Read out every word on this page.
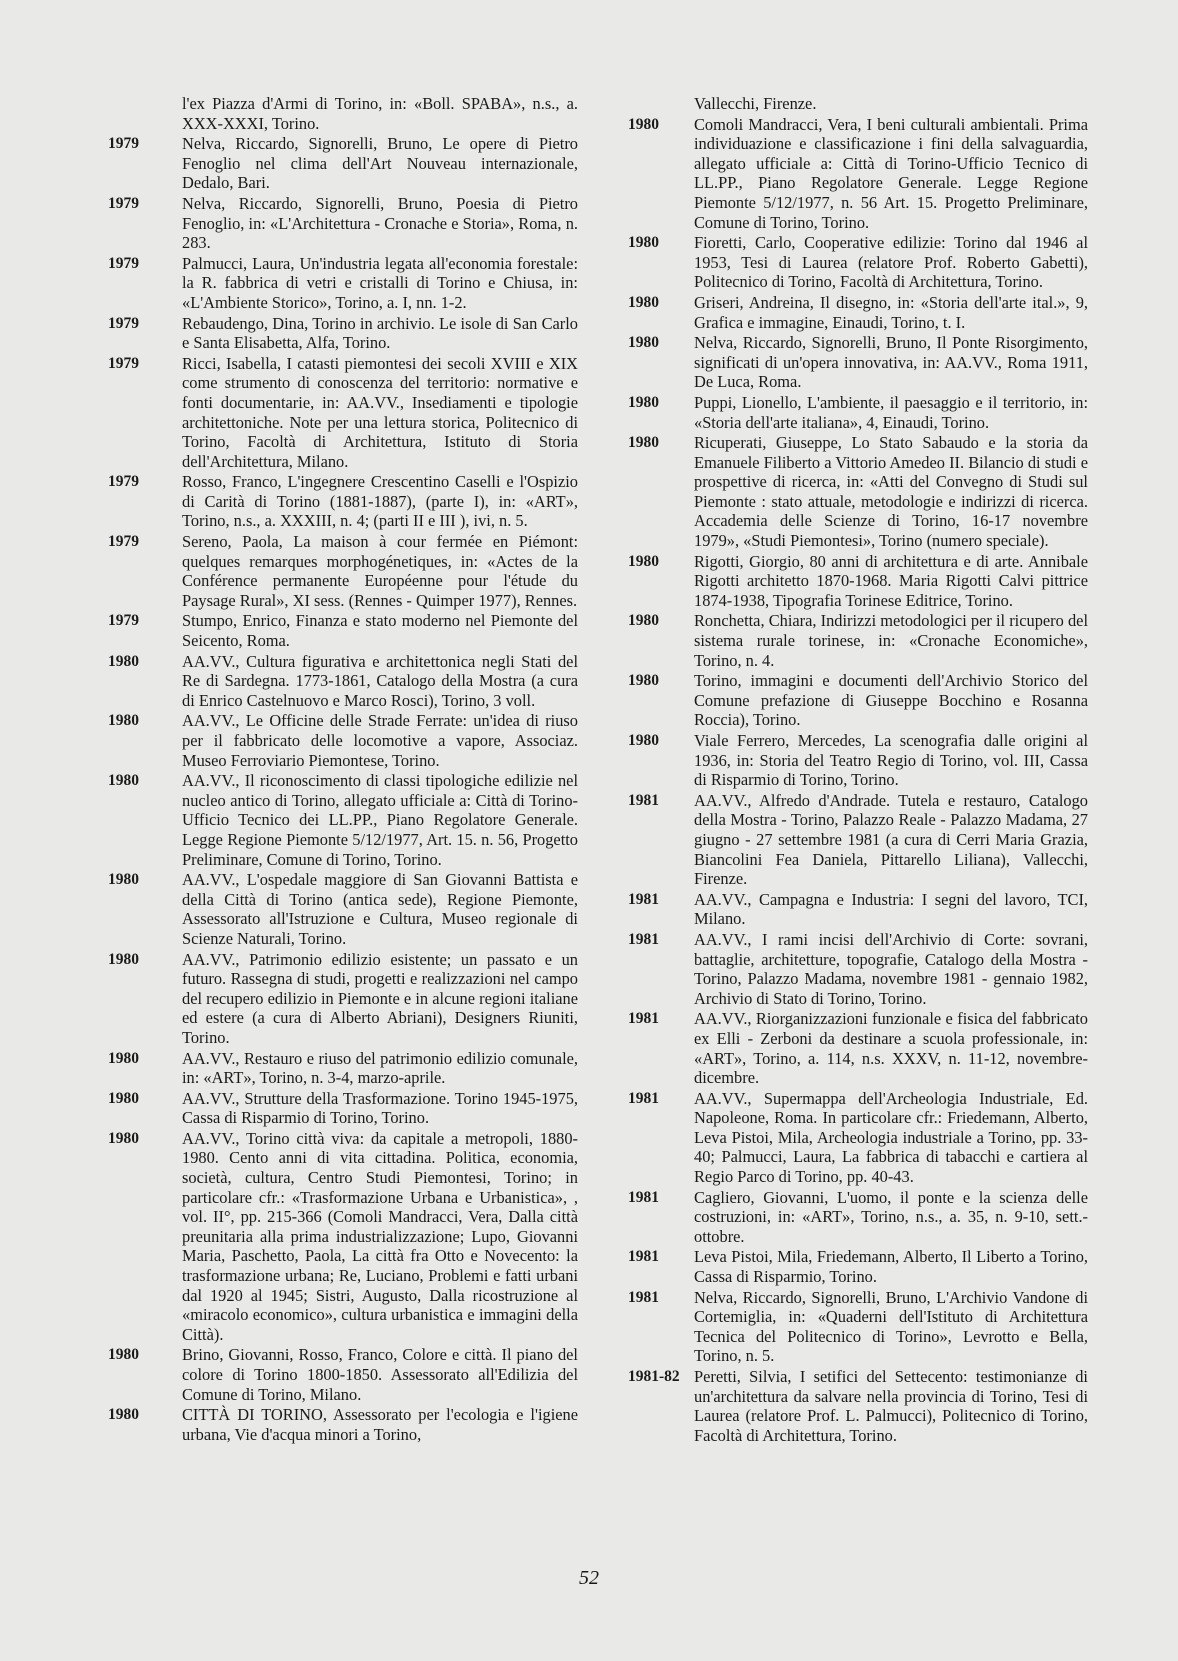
l'ex Piazza d'Armi di Torino, in: «Boll. SPABA», n.s., a. XXX-XXXI, Torino.
1979	Nelva, Riccardo, Signorelli, Bruno, Le opere di Pietro Fenoglio nel clima dell'Art Nouveau internazionale, Dedalo, Bari.
1979	Nelva, Riccardo, Signorelli, Bruno, Poesia di Pietro Fenoglio, in: «L'Architettura - Cronache e Storia», Roma, n. 283.
1979	Palmucci, Laura, Un'industria legata all'economia forestale: la R. fabbrica di vetri e cristalli di Torino e Chiusa, in: «L'Ambiente Storico», Torino, a. I, nn. 1-2.
1979	Rebaudengo, Dina, Torino in archivio. Le isole di San Carlo e Santa Elisabetta, Alfa, Torino.
1979	Ricci, Isabella, I catasti piemontesi dei secoli XVIII e XIX come strumento di conoscenza del territorio: normative e fonti documentarie, in: AA.VV., Insediamenti e tipologie architettoniche. Note per una lettura storica, Politecnico di Torino, Facoltà di Architettura, Istituto di Storia dell'Architettura, Milano.
1979	Rosso, Franco, L'ingegnere Crescentino Caselli e l'Ospizio di Carità di Torino (1881-1887), (parte I), in: «ART», Torino, n.s., a. XXXIII, n. 4; (parti II e III ), ivi, n. 5.
1979	Sereno, Paola, La maison à cour fermée en Piémont: quelques remarques morphogénetiques, in: «Actes de la Conférence permanente Européenne pour l'étude du Paysage Rural», XI sess. (Rennes - Quimper 1977), Rennes.
1979	Stumpo, Enrico, Finanza e stato moderno nel Piemonte del Seicento, Roma.
1980	AA.VV., Cultura figurativa e architettonica negli Stati del Re di Sardegna. 1773-1861, Catalogo della Mostra (a cura di Enrico Castelnuovo e Marco Rosci), Torino, 3 voll.
1980	AA.VV., Le Officine delle Strade Ferrate: un'idea di riuso per il fabbricato delle locomotive a vapore, Associaz. Museo Ferroviario Piemontese, Torino.
1980	AA.VV., Il riconoscimento di classi tipologiche edilizie nel nucleo antico di Torino, allegato ufficiale a: Città di Torino-Ufficio Tecnico dei LL.PP., Piano Regolatore Generale. Legge Regione Piemonte 5/12/1977, Art. 15. n. 56, Progetto Preliminare, Comune di Torino, Torino.
1980	AA.VV., L'ospedale maggiore di San Giovanni Battista e della Città di Torino (antica sede), Regione Piemonte, Assessorato all'Istruzione e Cultura, Museo regionale di Scienze Naturali, Torino.
1980	AA.VV., Patrimonio edilizio esistente; un passato e un futuro. Rassegna di studi, progetti e realizzazioni nel campo del recupero edilizio in Piemonte e in alcune regioni italiane ed estere (a cura di Alberto Abriani), Designers Riuniti, Torino.
1980	AA.VV., Restauro e riuso del patrimonio edilizio comunale, in: «ART», Torino, n. 3-4, marzo-aprile.
1980	AA.VV., Strutture della Trasformazione. Torino 1945-1975, Cassa di Risparmio di Torino, Torino.
1980	AA.VV., Torino città viva: da capitale a metropoli, 1880-1980. Cento anni di vita cittadina. Politica, economia, società, cultura, Centro Studi Piemontesi, Torino; in particolare cfr.: «Trasformazione Urbana e Urbanistica», , vol. II°, pp. 215-366 (Comoli Mandracci, Vera, Dalla città preunitaria alla prima industrializzazione; Lupo, Giovanni Maria, Paschetto, Paola, La città fra Otto e Novecento: la trasformazione urbana; Re, Luciano, Problemi e fatti urbani dal 1920 al 1945; Sistri, Augusto, Dalla ricostruzione al «miracolo economico», cultura urbanistica e immagini della Città).
1980	Brino, Giovanni, Rosso, Franco, Colore e città. Il piano del colore di Torino 1800-1850. Assessorato all'Edilizia del Comune di Torino, Milano.
1980	CITTÀ DI TORINO, Assessorato per l'ecologia e l'igiene urbana, Vie d'acqua minori a Torino,
Vallecchi, Firenze.
1980	Comoli Mandracci, Vera, I beni culturali ambientali. Prima individuazione e classificazione i fini della salvaguardia, allegato ufficiale a: Città di Torino-Ufficio Tecnico di LL.PP., Piano Regolatore Generale. Legge Regione Piemonte 5/12/1977, n. 56 Art. 15. Progetto Preliminare, Comune di Torino, Torino.
1980	Fioretti, Carlo, Cooperative edilizie: Torino dal 1946 al 1953, Tesi di Laurea (relatore Prof. Roberto Gabetti), Politecnico di Torino, Facoltà di Architettura, Torino.
1980	Griseri, Andreina, Il disegno, in: «Storia dell'arte ital.», 9, Grafica e immagine, Einaudi, Torino, t. I.
1980	Nelva, Riccardo, Signorelli, Bruno, Il Ponte Risorgimento, significati di un'opera innovativa, in: AA.VV., Roma 1911, De Luca, Roma.
1980	Puppi, Lionello, L'ambiente, il paesaggio e il territorio, in: «Storia dell'arte italiana», 4, Einaudi, Torino.
1980	Ricuperati, Giuseppe, Lo Stato Sabaudo e la storia da Emanuele Filiberto a Vittorio Amedeo II. Bilancio di studi e prospettive di ricerca, in: «Atti del Convegno di Studi sul Piemonte : stato attuale, metodologie e indirizzi di ricerca. Accademia delle Scienze di Torino, 16-17 novembre 1979», «Studi Piemontesi», Torino (numero speciale).
1980	Rigotti, Giorgio, 80 anni di architettura e di arte. Annibale Rigotti architetto 1870-1968. Maria Rigotti Calvi pittrice 1874-1938, Tipografia Torinese Editrice, Torino.
1980	Ronchetta, Chiara, Indirizzi metodologici per il ricupero del sistema rurale torinese, in: «Cronache Economiche», Torino, n. 4.
1980	Torino, immagini e documenti dell'Archivio Storico del Comune prefazione di Giuseppe Bocchino e Rosanna Roccia), Torino.
1980	Viale Ferrero, Mercedes, La scenografia dalle origini al 1936, in: Storia del Teatro Regio di Torino, vol. III, Cassa di Risparmio di Torino, Torino.
1981	AA.VV., Alfredo d'Andrade. Tutela e restauro, Catalogo della Mostra - Torino, Palazzo Reale - Palazzo Madama, 27 giugno - 27 settembre 1981 (a cura di Cerri Maria Grazia, Biancolini Fea Daniela, Pittarello Liliana), Vallecchi, Firenze.
1981	AA.VV., Campagna e Industria: I segni del lavoro, TCI, Milano.
1981	AA.VV., I rami incisi dell'Archivio di Corte: sovrani, battaglie, architetture, topografie, Catalogo della Mostra - Torino, Palazzo Madama, novembre 1981 - gennaio 1982, Archivio di Stato di Torino, Torino.
1981	AA.VV., Riorganizzazioni funzionale e fisica del fabbricato ex Elli - Zerboni da destinare a scuola professionale, in: «ART», Torino, a. 114, n.s. XXXV, n. 11-12, novembre-dicembre.
1981	AA.VV., Supermappa dell'Archeologia Industriale, Ed. Napoleone, Roma. In particolare cfr.: Friedemann, Alberto, Leva Pistoi, Mila, Archeologia industriale a Torino, pp. 33-40; Palmucci, Laura, La fabbrica di tabacchi e cartiera al Regio Parco di Torino, pp. 40-43.
1981	Cagliero, Giovanni, L'uomo, il ponte e la scienza delle costruzioni, in: «ART», Torino, n.s., a. 35, n. 9-10, sett.-ottobre.
1981	Leva Pistoi, Mila, Friedemann, Alberto, Il Liberto a Torino, Cassa di Risparmio, Torino.
1981	Nelva, Riccardo, Signorelli, Bruno, L'Archivio Vandone di Cortemiglia, in: «Quaderni dell'Istituto di Architettura Tecnica del Politecnico di Torino», Levrotto e Bella, Torino, n. 5.
1981-82 Peretti, Silvia, I setifici del Settecento: testimonianze di un'architettura da salvare nella provincia di Torino, Tesi di Laurea (relatore Prof. L. Palmucci), Politecnico di Torino, Facoltà di Architettura, Torino.
52
